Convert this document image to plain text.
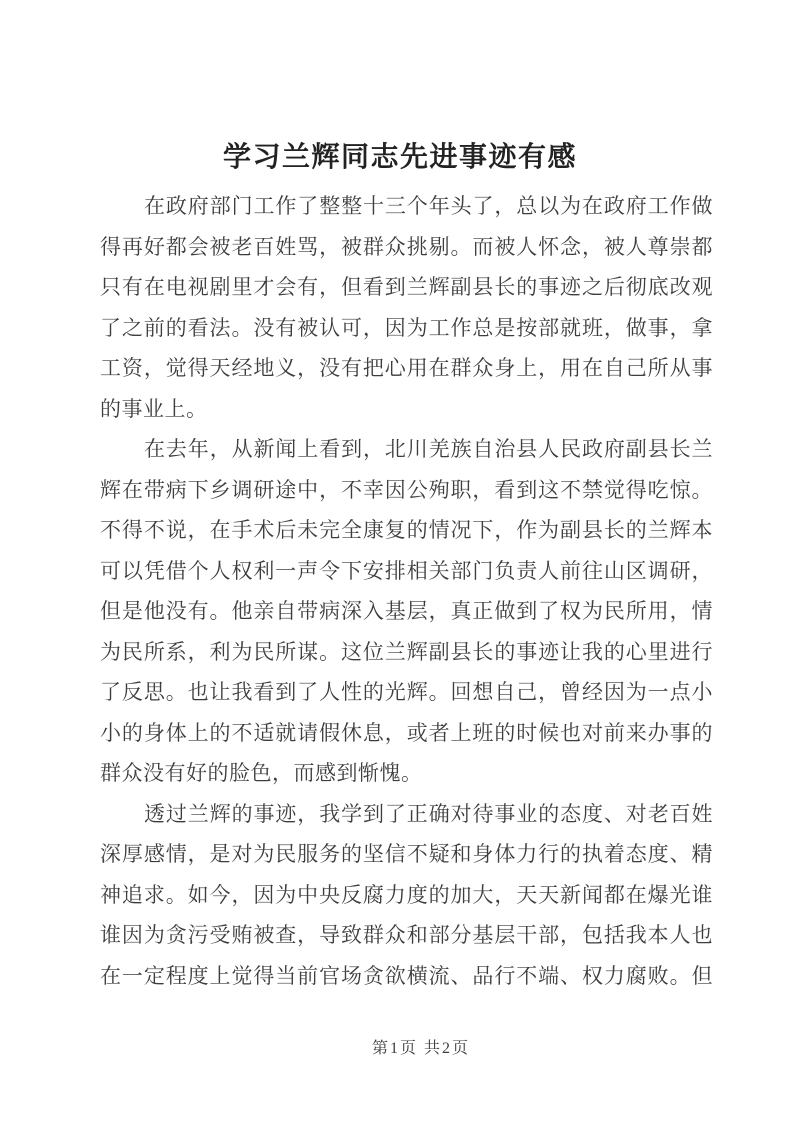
学习兰辉同志先进事迹有感
在政府部门工作了整整十三个年头了，总以为在政府工作做
得再好都会被老百姓骂，被群众挑剔。而被人怀念，被人尊崇都
只有在电视剧里才会有，但看到兰辉副县长的事迹之后彻底改观
了之前的看法。没有被认可，因为工作总是按部就班，做事，拿
工资，觉得天经地义，没有把心用在群众身上，用在自己所从事
的事业上。
在去年，从新闻上看到，北川羌族自治县人民政府副县长兰
辉在带病下乡调研途中，不幸因公殉职，看到这不禁觉得吃惊。
不得不说，在手术后未完全康复的情况下，作为副县长的兰辉本
可以凭借个人权利一声令下安排相关部门负责人前往山区调研，
但是他没有。他亲自带病深入基层，真正做到了权为民所用，情
为民所系，利为民所谋。这位兰辉副县长的事迹让我的心里进行
了反思。也让我看到了人性的光辉。回想自己，曾经因为一点小
小的身体上的不适就请假休息，或者上班的时候也对前来办事的
群众没有好的脸色，而感到惭愧。
透过兰辉的事迹，我学到了正确对待事业的态度、对老百姓
深厚感情，是对为民服务的坚信不疑和身体力行的执着态度、精
神追求。如今，因为中央反腐力度的加大，天天新闻都在爆光谁
谁因为贪污受贿被查，导致群众和部分基层干部，包括我本人也
在一定程度上觉得当前官场贪欲横流、品行不端、权力腐败。但
第1页 共2页
